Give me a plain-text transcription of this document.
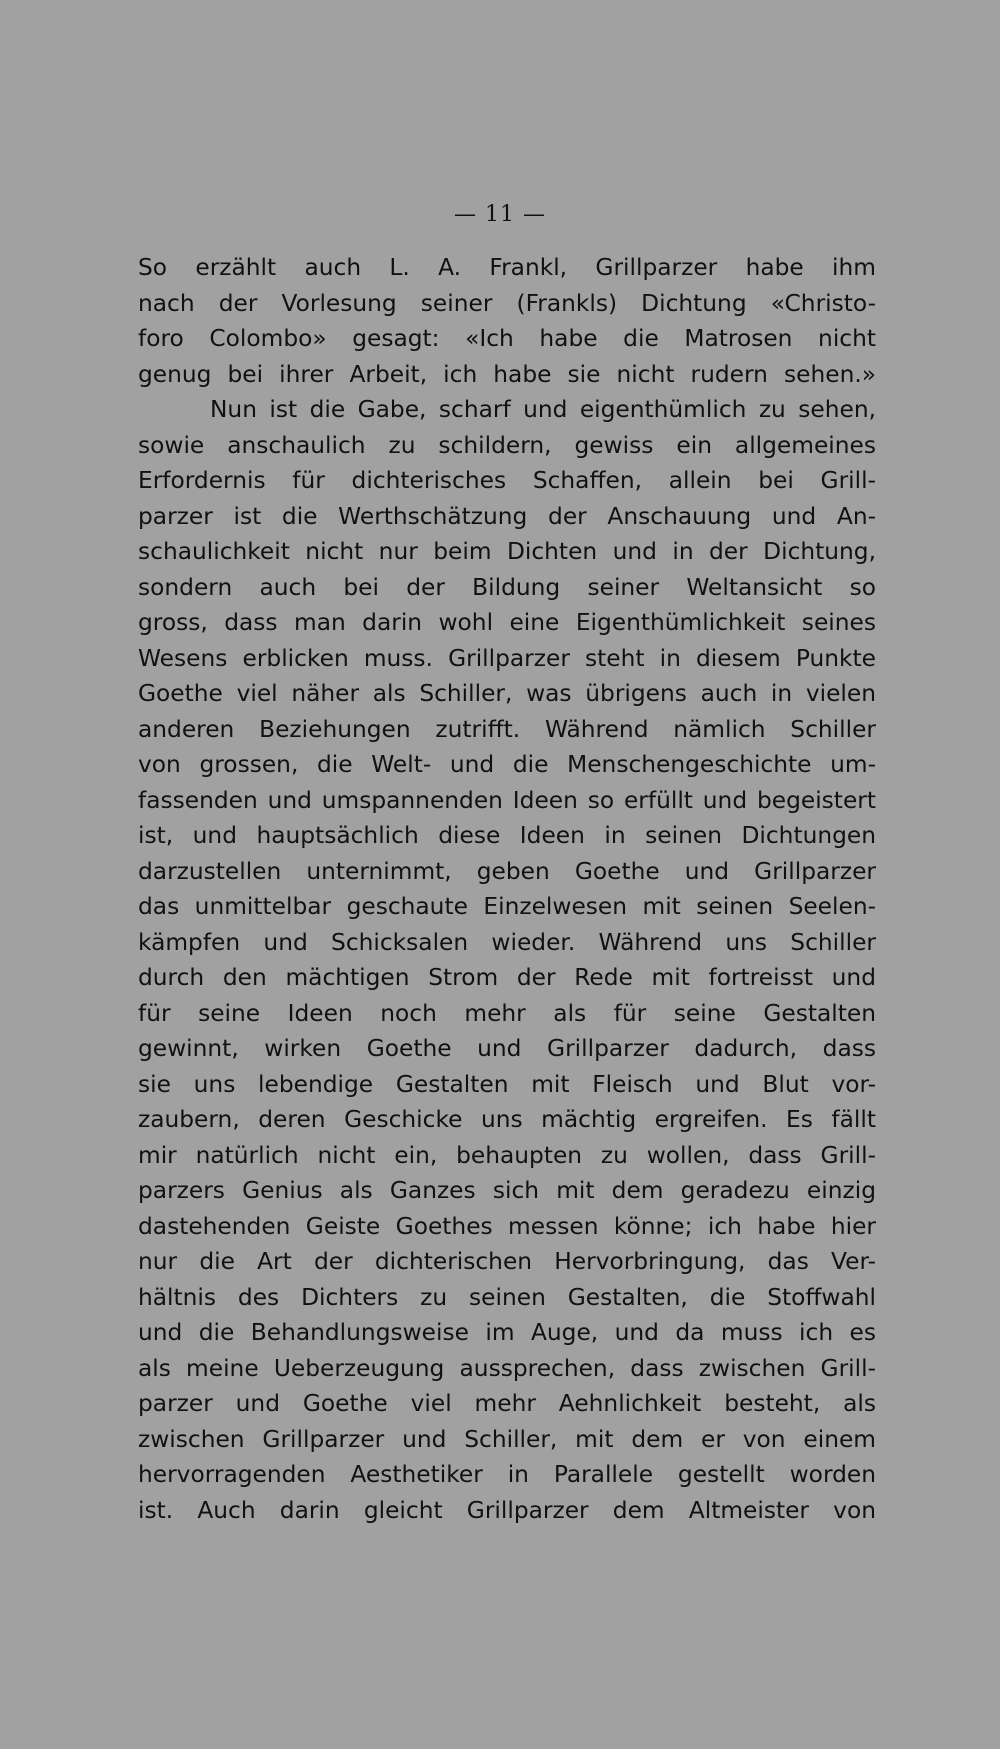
— 11 —
So erzählt auch L. A. Frankl, Grillparzer habe ihm
nach der Vorlesung seiner (Frankls) Dichtung «Christo-
foro Colombo» gesagt: «Ich habe die Matrosen nicht
genug bei ihrer Arbeit, ich habe sie nicht rudern sehen.»
Nun ist die Gabe, scharf und eigenthümlich zu sehen,
sowie anschaulich zu schildern, gewiss ein allgemeines
Erfordernis für dichterisches Schaffen, allein bei Grill-
parzer ist die Werthschätzung der Anschauung und An-
schaulichkeit nicht nur beim Dichten und in der Dichtung,
sondern auch bei der Bildung seiner Weltansicht so
gross, dass man darin wohl eine Eigenthümlichkeit seines
Wesens erblicken muss. Grillparzer steht in diesem Punkte
Goethe viel näher als Schiller, was übrigens auch in vielen
anderen Beziehungen zutrifft. Während nämlich Schiller
von grossen, die Welt- und die Menschengeschichte um-
fassenden und umspannenden Ideen so erfüllt und begeistert
ist, und hauptsächlich diese Ideen in seinen Dichtungen
darzustellen unternimmt, geben Goethe und Grillparzer
das unmittelbar geschaute Einzelwesen mit seinen Seelen-
kämpfen und Schicksalen wieder. Während uns Schiller
durch den mächtigen Strom der Rede mit fortreisst und
für seine Ideen noch mehr als für seine Gestalten
gewinnt, wirken Goethe und Grillparzer dadurch, dass
sie uns lebendige Gestalten mit Fleisch und Blut vor-
zaubern, deren Geschicke uns mächtig ergreifen. Es fällt
mir natürlich nicht ein, behaupten zu wollen, dass Grill-
parzers Genius als Ganzes sich mit dem geradezu einzig
dastehenden Geiste Goethes messen könne; ich habe hier
nur die Art der dichterischen Hervorbringung, das Ver-
hältnis des Dichters zu seinen Gestalten, die Stoffwahl
und die Behandlungsweise im Auge, und da muss ich es
als meine Ueberzeugung aussprechen, dass zwischen Grill-
parzer und Goethe viel mehr Aehnlichkeit besteht, als
zwischen Grillparzer und Schiller, mit dem er von einem
hervorragenden Aesthetiker in Parallele gestellt worden
ist. Auch darin gleicht Grillparzer dem Altmeister von
